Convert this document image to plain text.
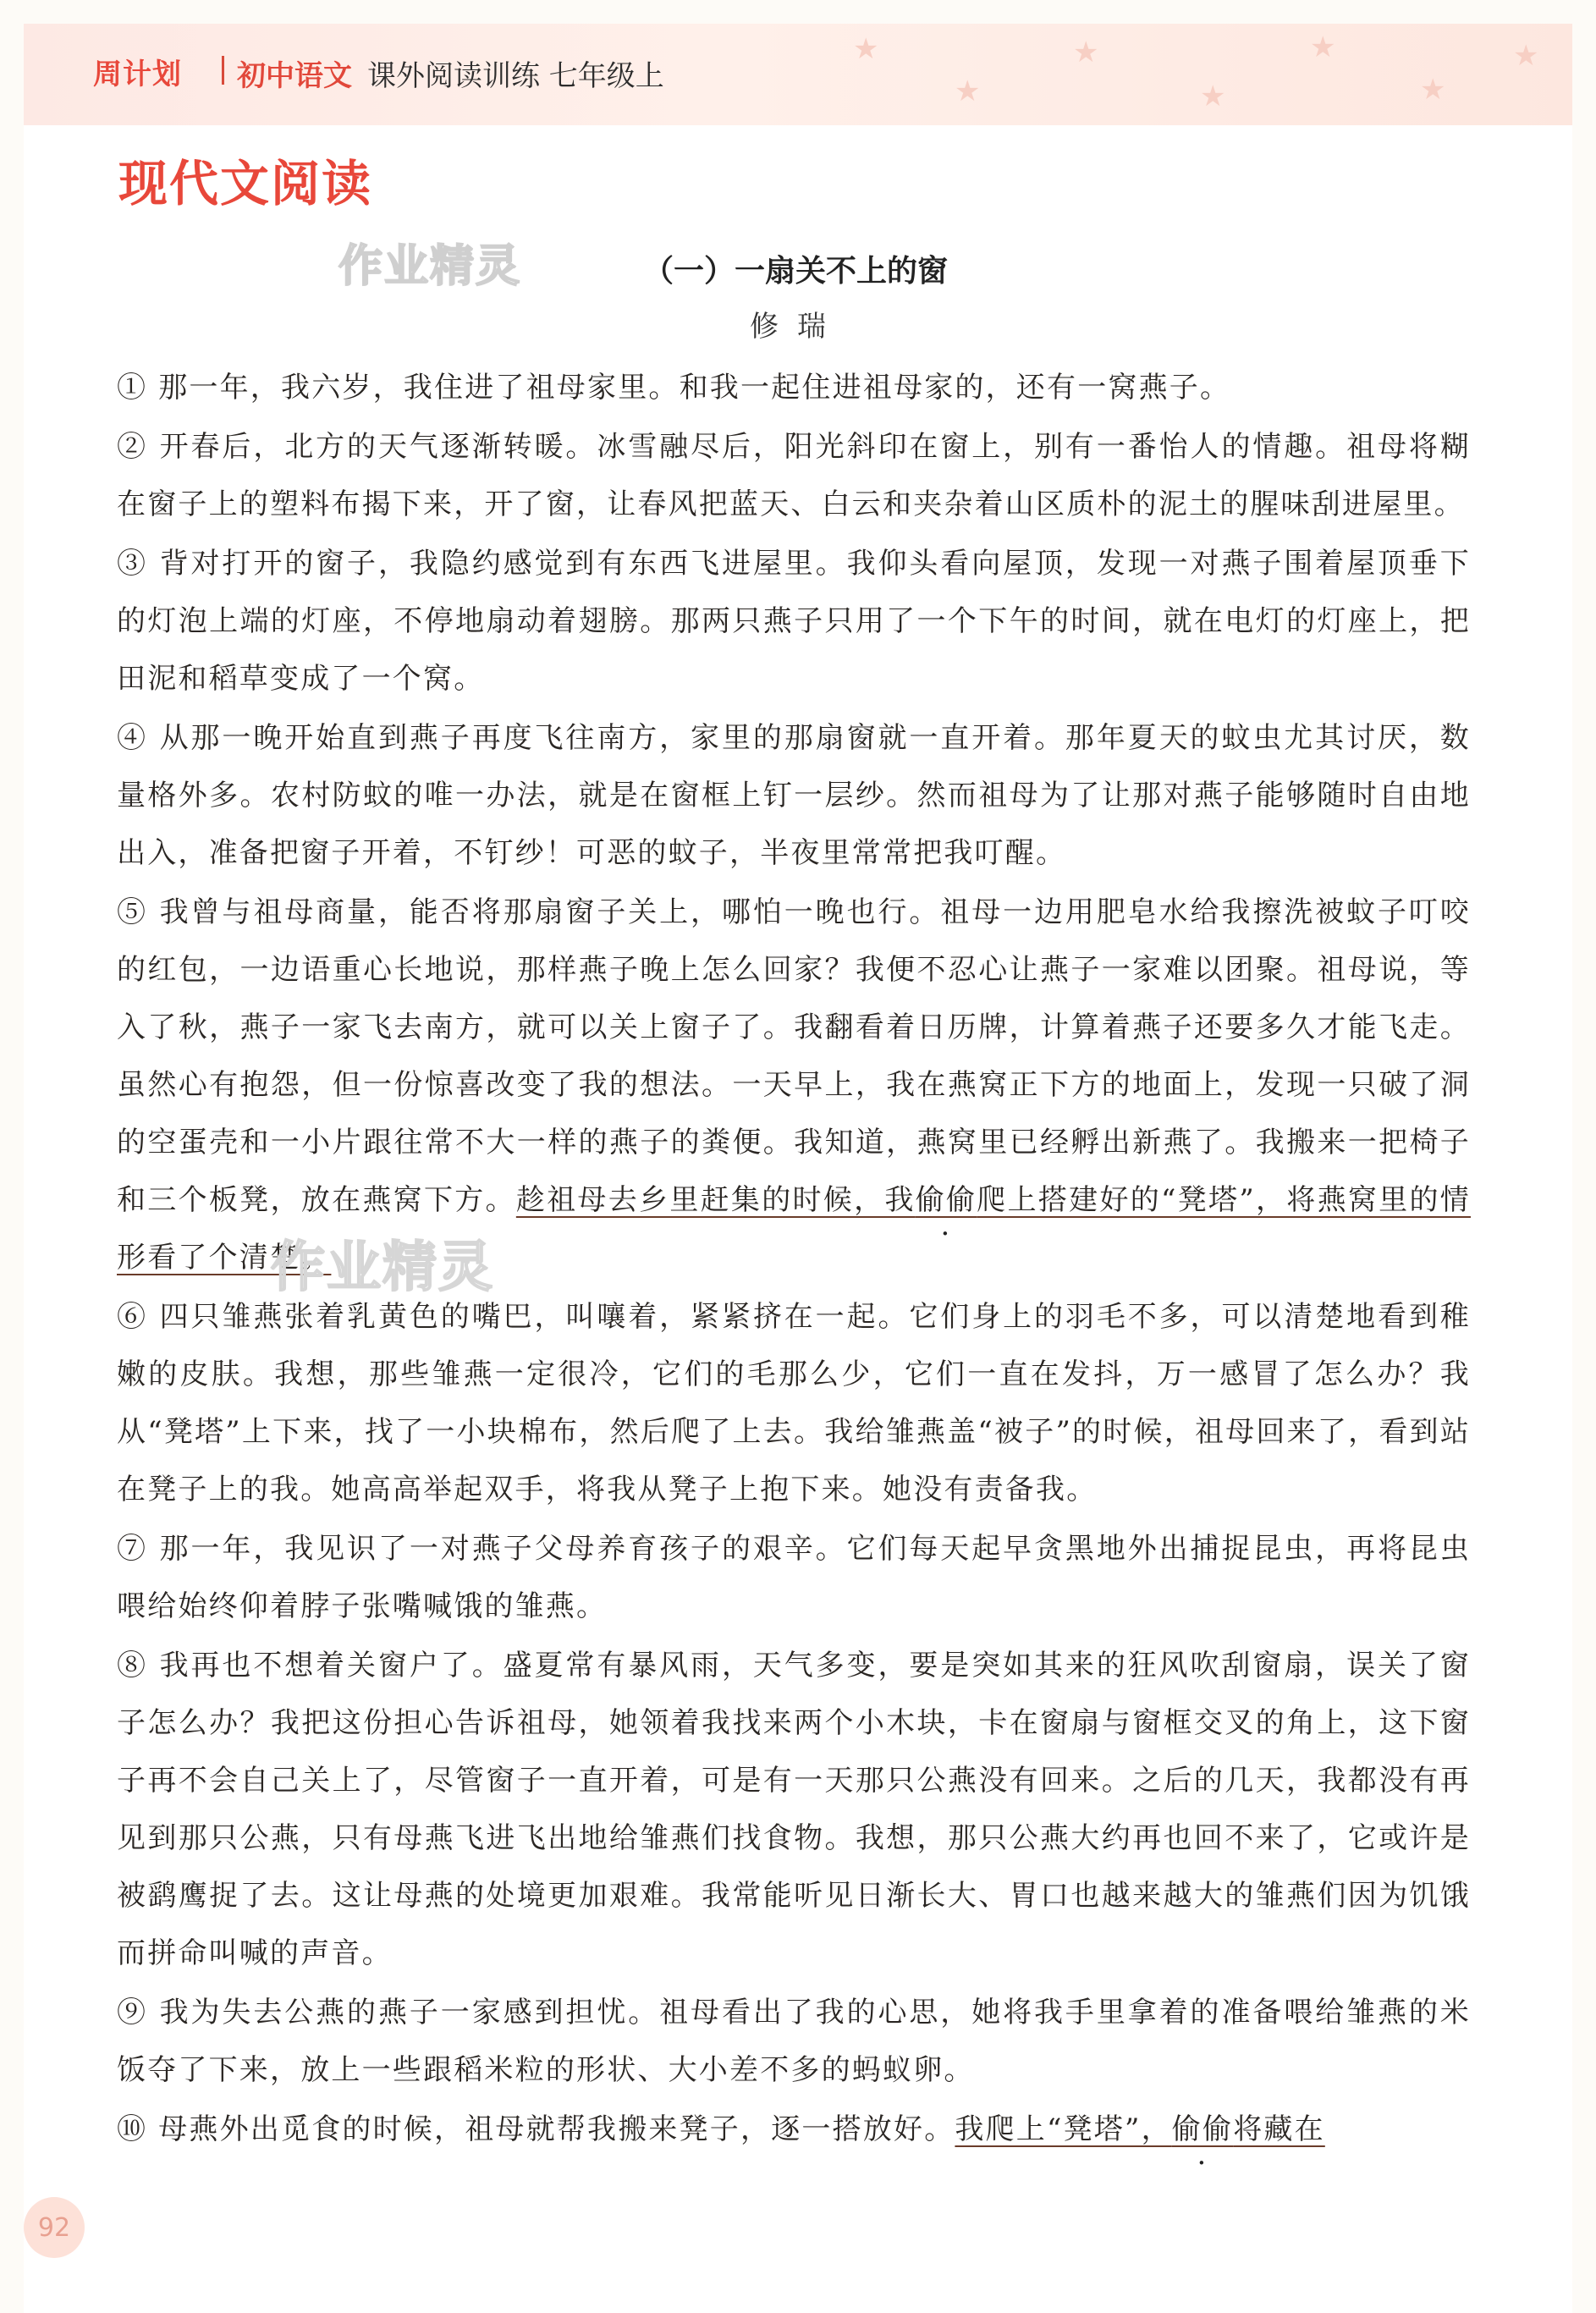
★
★
★
★
★
★
★
周计划 初中语文 课外阅读训练 七年级上
现代文阅读
作业精灵	（一）一扇关不上的窗
修瑞

① 那一年，我六岁，我住进了祖母家里。和我一起住进祖母家的，还有一窝燕子。

② 开春后，北方的天气逐渐转暖。冰雪融尽后，阳光斜印在窗上，别有一番怡人的情趣。祖母将糊在窗子上的塑料布揭下来，开了窗，让春风把蓝天、白云和夹杂着山区质朴的泥土的腥味刮进屋里。

③ 背对打开的窗子，我隐约感觉到有东西飞进屋里。我仰头看向屋顶，发现一对燕子围着屋顶垂下的灯泡上端的灯座，不停地扇动着翅膀。那两只燕子只用了一个下午的时间，就在电灯的灯座上，把田泥和稻草变成了一个窝。

④ 从那一晚开始直到燕子再度飞往南方，家里的那扇窗就一直开着。那年夏天的蚊虫尤其讨厌，数量格外多。农村防蚊的唯一办法，就是在窗框上钉一层纱。然而祖母为了让那对燕子能够随时自由地出入，准备把窗子开着，不钉纱！可恶的蚊子，半夜里常常把我叮醒。

⑤ 我曾与祖母商量，能否将那扇窗子关上，哪怕一晚也行。祖母一边用肥皂水给我擦洗被蚊子叮咬的红包，一边语重心长地说，那样燕子晚上怎么回家？我便不忍心让燕子一家难以团聚。祖母说，等入了秋，燕子一家飞去南方，就可以关上窗子了。我翻看着日历牌，计算着燕子还要多久才能飞走。虽然心有抱怨，但一份惊喜改变了我的想法。一天早上，我在燕窝正下方的地面上，发现一只破了洞的空蛋壳和一小片跟往常不大一样的燕子的粪便。我知道，燕窝里已经孵出新燕了。我搬来一把椅子和三个板凳，放在燕窝下方。趁祖母去乡里赶集的时候，我偷偷爬上搭建好的“凳塔”，将燕窝里的情形看了个清楚。

⑥ 四只雏燕张着乳黄色的嘴巴，叫嚷着，紧紧挤在一起。它们身上的羽毛不多，可以清楚地看到稚嫩的皮肤。我想，那些雏燕一定很冷，它们的毛那么少，它们一直在发抖，万一感冒了怎么办？我从“凳塔”上下来，找了一小块棉布，然后爬了上去。我给雏燕盖“被子”的时候，祖母回来了，看到站在凳子上的我。她高高举起双手，将我从凳子上抱下来。她没有责备我。

⑦ 那一年，我见识了一对燕子父母养育孩子的艰辛。它们每天起早贪黑地外出捕捉昆虫，再将昆虫喂给始终仰着脖子张嘴喊饿的雏燕。

⑧ 我再也不想着关窗户了。盛夏常有暴风雨，天气多变，要是突如其来的狂风吹刮窗扇，误关了窗子怎么办？我把这份担心告诉祖母，她领着我找来两个小木块，卡在窗扇与窗框交叉的角上，这下窗子再不会自己关上了，尽管窗子一直开着，可是有一天那只公燕没有回来。之后的几天，我都没有再见到那只公燕，只有母燕飞进飞出地给雏燕们找食物。我想，那只公燕大约再也回不来了，它或许是被鹞鹰捉了去。这让母燕的处境更加艰难。我常能听见日渐长大、胃口也越来越大的雏燕们因为饥饿而拼命叫喊的声音。

⑨ 我为失去公燕的燕子一家感到担忧。祖母看出了我的心思，她将我手里拿着的准备喂给雏燕的米饭夺了下来，放上一些跟稻米粒的形状、大小差不多的蚂蚁卵。

⑩ 母燕外出觅食的时候，祖母就帮我搬来凳子，逐一搭放好。我爬上“凳塔”，偷偷将藏在

作业精灵
92
